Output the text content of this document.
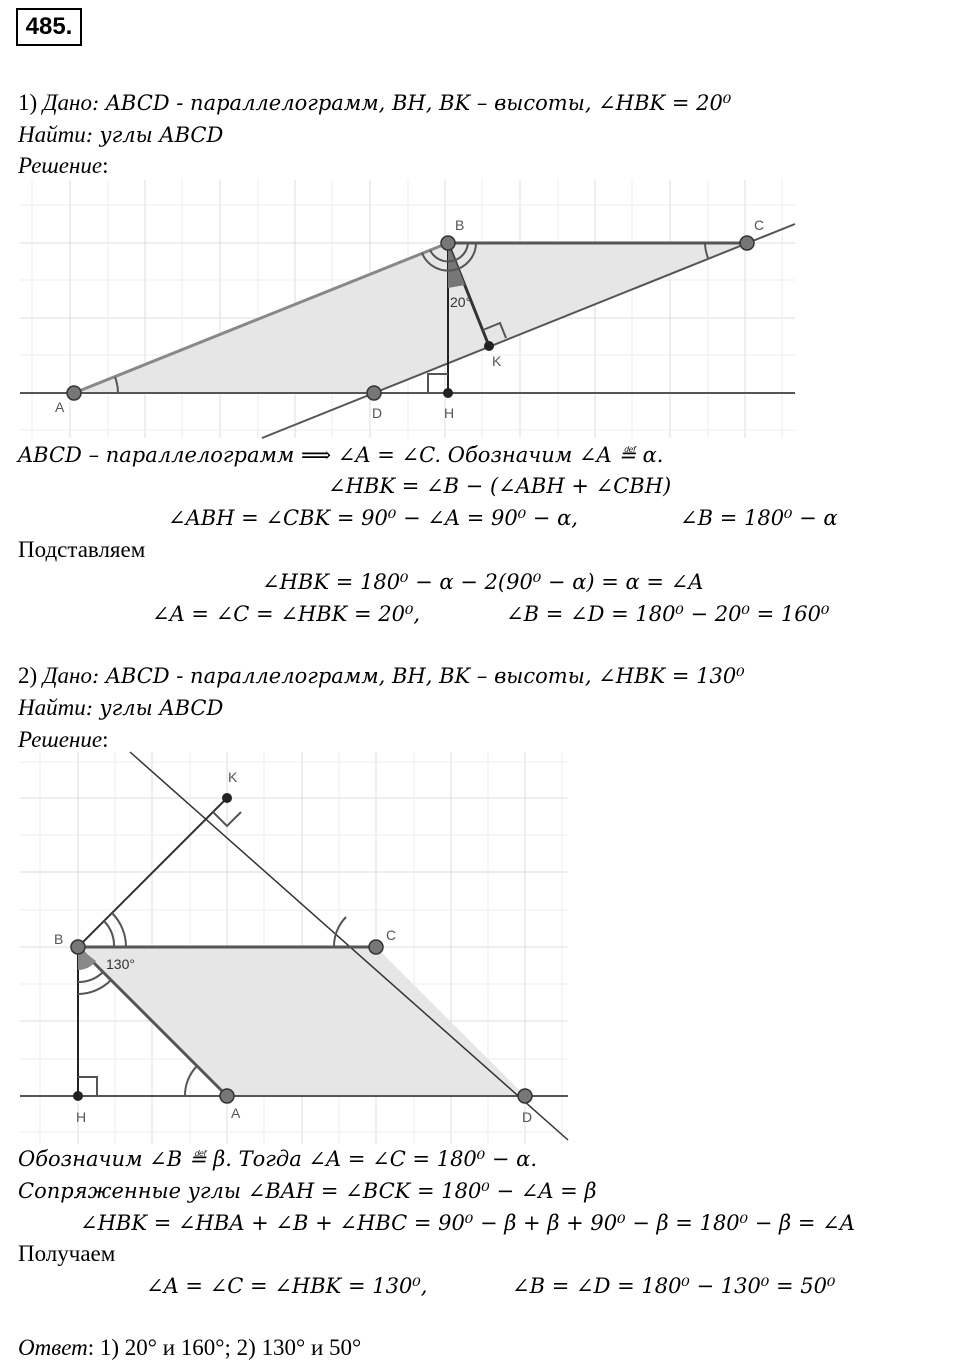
485.
1) Дано: ABCD - параллелограмм, BH, BK – высоты, ∠HBK = 20⁰
Найти: углы ABCD
Решение:
A
B	C
D	H
K
20°
ABCD – параллелограмм ⟹ ∠A = ∠C. Обозначим ∠A ≝ α.
∠HBK = ∠B − (∠ABH + ∠CBH)
∠ABH = ∠CBK = 90⁰ − ∠A = 90⁰ − α,	∠B = 180⁰ − α
Подставляем
∠HBK = 180⁰ − α − 2(90⁰ − α) = α = ∠A
∠A = ∠C = ∠HBK = 20⁰,	∠B = ∠D = 180⁰ − 20⁰ = 160⁰
2) Дано: ABCD - параллелограмм, BH, BK – высоты, ∠HBK = 130⁰
Найти: углы ABCD
Решение:
A
B	C
D
H
K
130°
Обозначим ∠B ≝ β. Тогда ∠A = ∠C = 180⁰ − α.
Сопряженные углы ∠BAH = ∠BCK = 180⁰ − ∠A = β
∠HBK = ∠HBA + ∠B + ∠HBC = 90⁰ − β + β + 90⁰ − β = 180⁰ − β = ∠A
Получаем
∠A = ∠C = ∠HBK = 130⁰,	∠B = ∠D = 180⁰ − 130⁰ = 50⁰
Ответ: 1) 20° и 160°; 2) 130° и 50°
